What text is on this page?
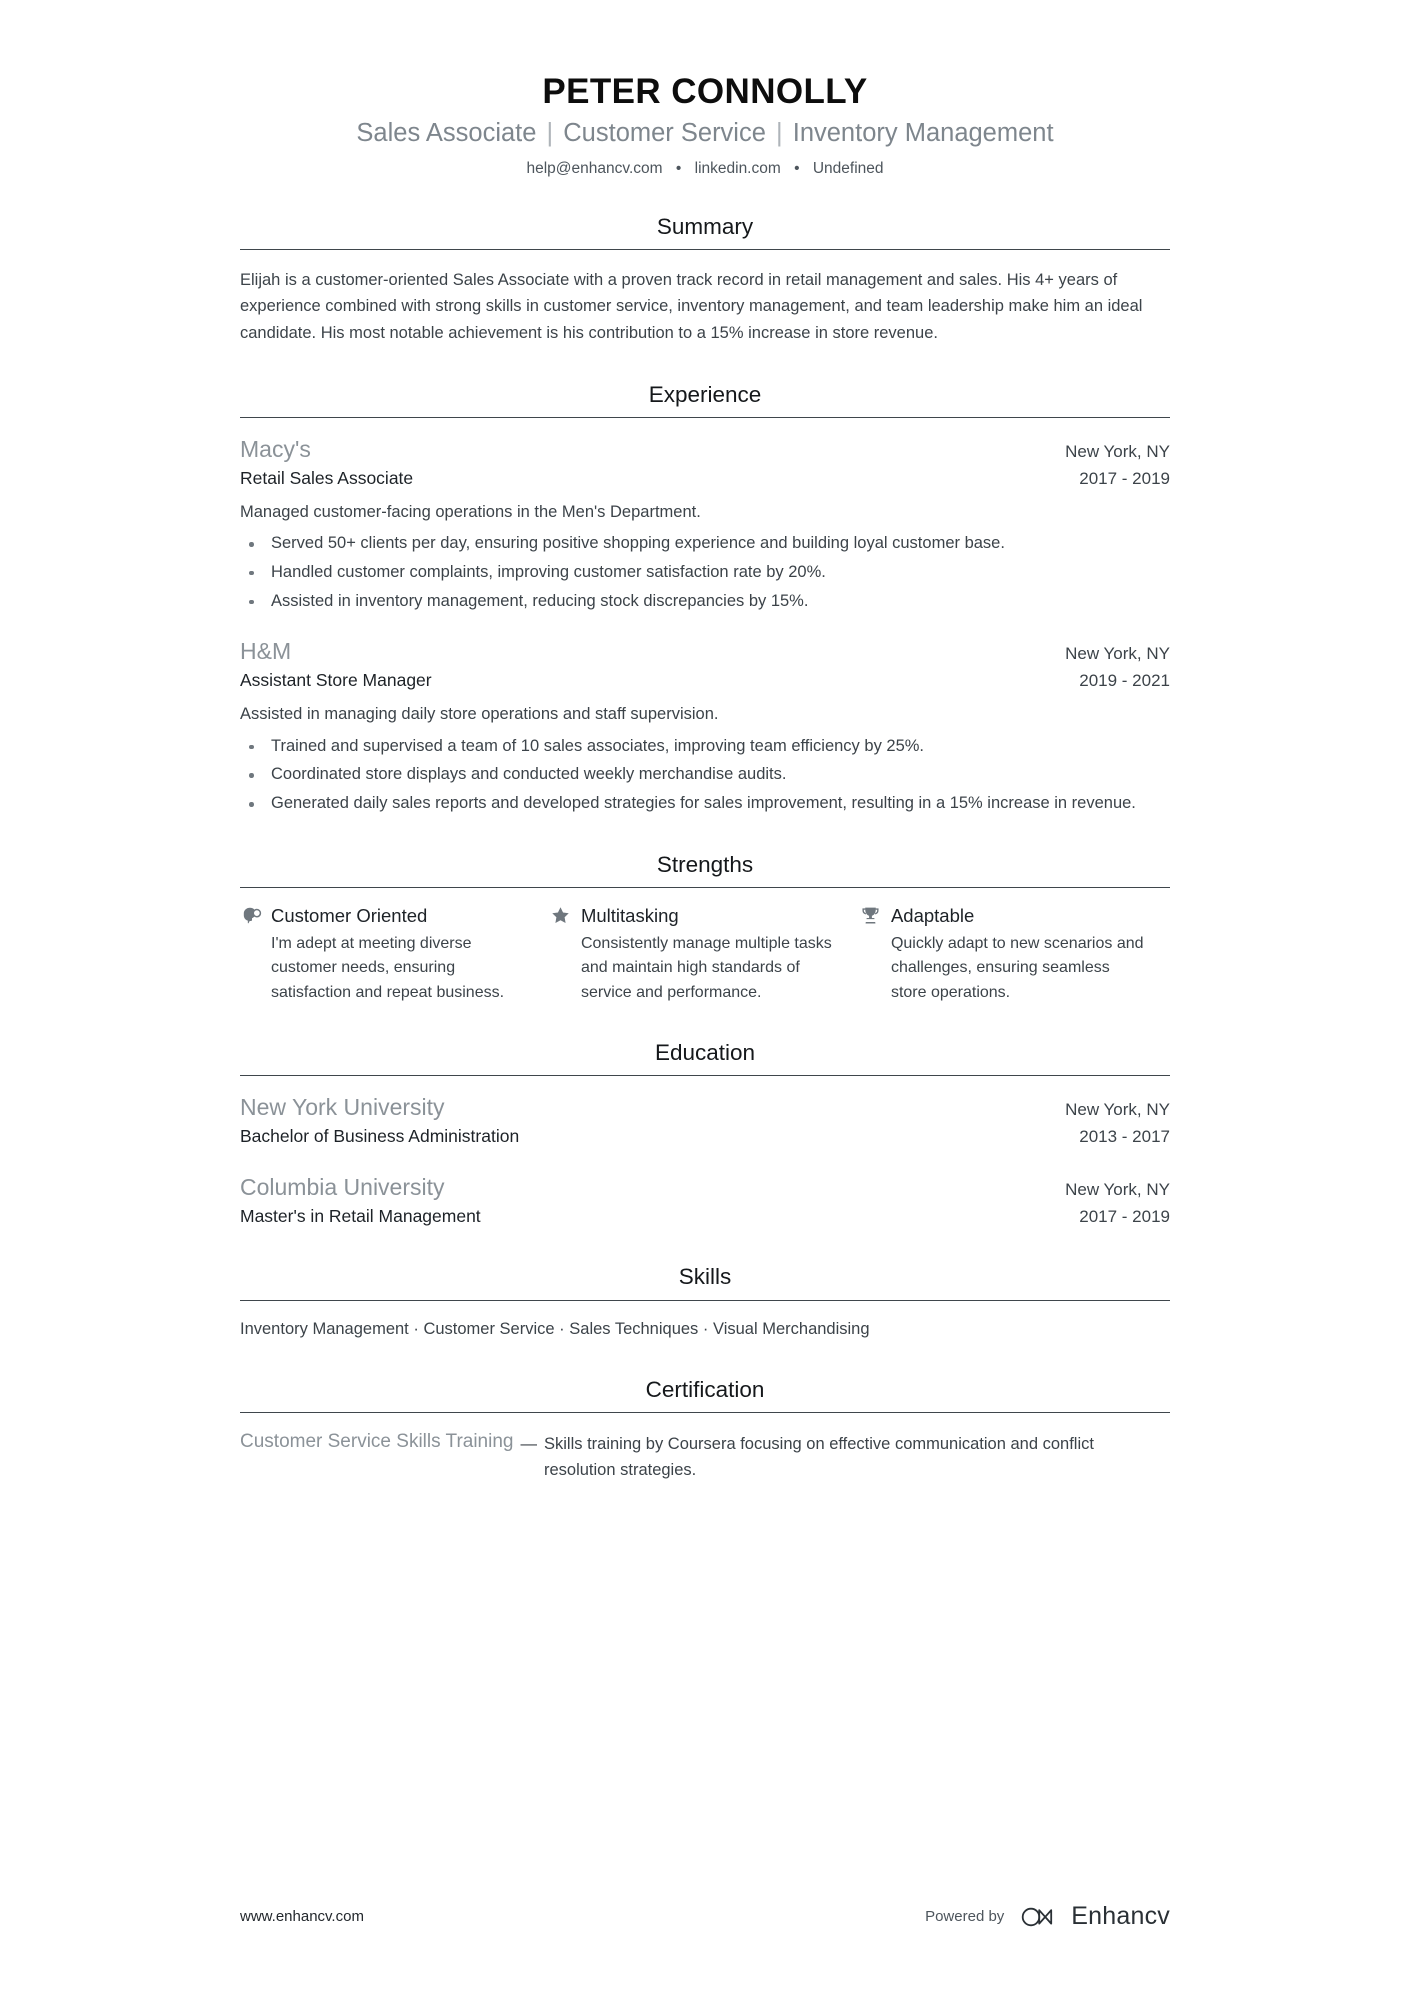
PETER CONNOLLY
Sales Associate | Customer Service | Inventory Management
help@enhancv.com • linkedin.com • Undefined
Summary

Elijah is a customer-oriented Sales Associate with a proven track record in retail management and sales. His 4+ years of experience combined with strong skills in customer service, inventory management, and team leadership make him an ideal candidate. His most notable achievement is his contribution to a 15% increase in store revenue.

Experience
Macy's	New York, NY
Retail Sales Associate	2017 - 2019
Managed customer-facing operations in the Men's Department.
Served 50+ clients per day, ensuring positive shopping experience and building loyal customer base.
Handled customer complaints, improving customer satisfaction rate by 20%.
Assisted in inventory management, reducing stock discrepancies by 15%.
H&M	New York, NY
Assistant Store Manager	2019 - 2021
Assisted in managing daily store operations and staff supervision.
Trained and supervised a team of 10 sales associates, improving team efficiency by 25%.
Coordinated store displays and conducted weekly merchandise audits.
Generated daily sales reports and developed strategies for sales improvement, resulting in a 15% increase in revenue.
Strengths
Customer Oriented
I'm adept at meeting diverse customer needs, ensuring satisfaction and repeat business.
Multitasking
Consistently manage multiple tasks and maintain high standards of service and performance.
Adaptable
Quickly adapt to new scenarios and challenges, ensuring seamless store operations.
Education
New York University	New York, NY
Bachelor of Business Administration	2013 - 2017
Columbia University	New York, NY
Master's in Retail Management	2017 - 2019
Skills
Inventory Management · Customer Service · Sales Techniques · Visual Merchandising
Certification
Customer Service Skills Training — Skills training by Coursera focusing on effective communication and conflict resolution strategies.
www.enhancv.com	Powered by	Enhancv
